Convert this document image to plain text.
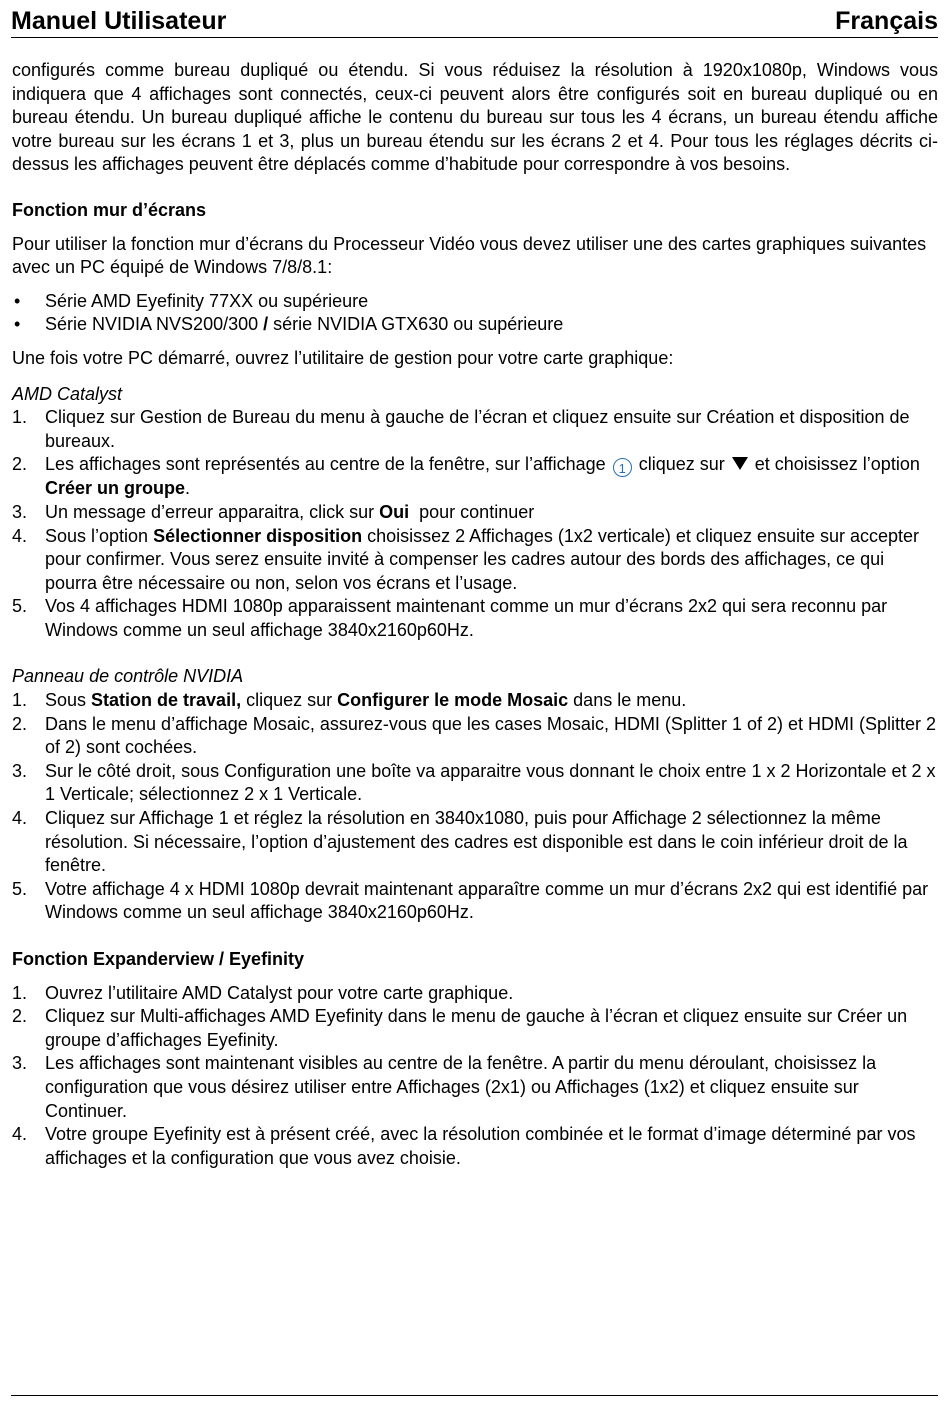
Manuel Utilisateur	Français

configurés comme bureau dupliqué ou étendu. Si vous réduisez la résolution à 1920x1080p, Windows vous indiquera que 4 affichages sont connectés, ceux-ci peuvent alors être configurés soit en bureau dupliqué ou en bureau étendu. Un bureau dupliqué affiche le contenu du bureau sur tous les 4 écrans, un bureau étendu affiche votre bureau sur les écrans 1 et 3, plus un bureau étendu sur les écrans 2 et 4. Pour tous les réglages décrits ci-dessus les affichages peuvent être déplacés comme d’habitude pour correspondre à vos besoins.

Fonction mur d’écrans

Pour utiliser la fonction mur d’écrans du Processeur Vidéo vous devez utiliser une des cartes graphiques suivantes avec un PC équipé de Windows 7/8/8.1:

•	Série AMD Eyefinity 77XX ou supérieure
•	Série NVIDIA NVS200/300 / série NVIDIA GTX630 ou supérieure

Une fois votre PC démarré, ouvrez l’utilitaire de gestion pour votre carte graphique:

AMD Catalyst

1. Cliquez sur Gestion de Bureau du menu à gauche de l’écran et cliquez ensuite sur Création et disposition de bureaux.
2. Les affichages sont représentés au centre de la fenêtre, sur l’affichage 1 cliquez sur  et choisissez l’option Créer un groupe.
3. Un message d’erreur apparaitra, click sur Oui  pour continuer
4. Sous l’option Sélectionner disposition choisissez 2 Affichages (1x2 verticale) et cliquez ensuite sur accepter pour confirmer. Vous serez ensuite invité à compenser les cadres autour des bords des affichages, ce qui pourra être nécessaire ou non, selon vos écrans et l’usage.
5. Vos 4 affichages HDMI 1080p apparaissent maintenant comme un mur d’écrans 2x2 qui sera reconnu par Windows comme un seul affichage 3840x2160p60Hz.

Panneau de contrôle NVIDIA

1. Sous Station de travail, cliquez sur Configurer le mode Mosaic dans le menu.
2. Dans le menu d’affichage Mosaic, assurez-vous que les cases Mosaic, HDMI (Splitter 1 of 2) et HDMI (Splitter 2 of 2) sont cochées.
3. Sur le côté droit, sous Configuration une boîte va apparaitre vous donnant le choix entre 1 x 2 Horizontale et 2 x 1 Verticale; sélectionnez 2 x 1 Verticale.
4. Cliquez sur Affichage 1 et réglez la résolution en 3840x1080, puis pour Affichage 2 sélectionnez la même résolution. Si nécessaire, l’option d’ajustement des cadres est disponible est dans le coin inférieur droit de la fenêtre.
5. Votre affichage 4 x HDMI 1080p devrait maintenant apparaître comme un mur d’écrans 2x2 qui est identifié par Windows comme un seul affichage 3840x2160p60Hz.

Fonction Expanderview / Eyefinity

1. Ouvrez l’utilitaire AMD Catalyst pour votre carte graphique.
2. Cliquez sur Multi-affichages AMD Eyefinity dans le menu de gauche à l’écran et cliquez ensuite sur Créer un groupe d’affichages Eyefinity.
3. Les affichages sont maintenant visibles au centre de la fenêtre. A partir du menu déroulant, choisissez la configuration que vous désirez utiliser entre Affichages (2x1) ou Affichages (1x2) et cliquez ensuite sur Continuer.
4. Votre groupe Eyefinity est à présent créé, avec la résolution combinée et le format d’image déterminé par vos affichages et la configuration que vous avez choisie.
